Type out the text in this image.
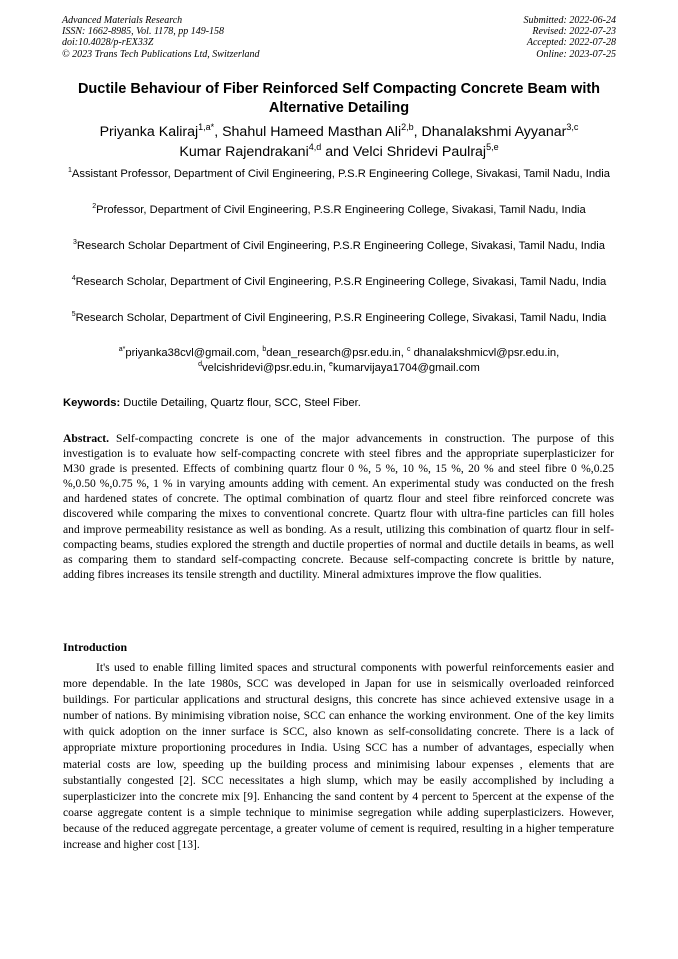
Advanced Materials Research
ISSN: 1662-8985, Vol. 1178, pp 149-158
doi:10.4028/p-rEX33Z
© 2023 Trans Tech Publications Ltd, Switzerland
Submitted: 2022-06-24
Revised: 2022-07-23
Accepted: 2022-07-28
Online: 2023-07-25
Ductile Behaviour of Fiber Reinforced Self Compacting Concrete Beam with Alternative Detailing
Priyanka Kaliraj$^{1,a*}$, Shahul Hameed Masthan Ali$^{2,b}$, Dhanalakshmi Ayyanar$^{3,c}$
Kumar Rajendrakani$^{4,d}$ and Velci Shridevi Paulraj$^{5,e}$
$^1$Assistant Professor, Department of Civil Engineering, P.S.R Engineering College, Sivakasi, Tamil Nadu, India
$^2$Professor, Department of Civil Engineering, P.S.R Engineering College, Sivakasi, Tamil Nadu, India
$^3$Research Scholar Department of Civil Engineering, P.S.R Engineering College, Sivakasi, Tamil Nadu, India
$^4$Research Scholar, Department of Civil Engineering, P.S.R Engineering College, Sivakasi, Tamil Nadu, India
$^5$Research Scholar, Department of Civil Engineering, P.S.R Engineering College, Sivakasi, Tamil Nadu, India
$^{a*}$priyanka38cvl@gmail.com, $^b$dean_research@psr.edu.in, $^c$ dhanalakshmicvl@psr.edu.in,
$^d$velcishridevi@psr.edu.in, $^e$kumarvijaya1704@gmail.com
Keywords: Ductile Detailing, Quartz flour, SCC, Steel Fiber.
Abstract. Self-compacting concrete is one of the major advancements in construction. The purpose of this investigation is to evaluate how self-compacting concrete with steel fibres and the appropriate superplasticizer for M30 grade is presented. Effects of combining quartz flour 0 %, 5 %, 10 %, 15 %, 20 % and steel fibre 0 %,0.25 %,0.50 %,0.75 %, 1 % in varying amounts adding with cement. An experimental study was conducted on the fresh and hardened states of concrete. The optimal combination of quartz flour and steel fibre reinforced concrete was discovered while comparing the mixes to conventional concrete. Quartz flour with ultra-fine particles can fill holes and improve permeability resistance as well as bonding. As a result, utilizing this combination of quartz flour in self-compacting beams, studies explored the strength and ductile properties of normal and ductile details in beams, as well as comparing them to standard self-compacting concrete. Because self-compacting concrete is brittle by nature, adding fibres increases its tensile strength and ductility. Mineral admixtures improve the flow qualities.
Introduction
It's used to enable filling limited spaces and structural components with powerful reinforcements easier and more dependable. In the late 1980s, SCC was developed in Japan for use in seismically overloaded reinforced buildings. For particular applications and structural designs, this concrete has since achieved extensive usage in a number of nations. By minimising vibration noise, SCC can enhance the working environment. One of the key limits with quick adoption on the inner surface is SCC, also known as self-consolidating concrete. There is a lack of appropriate mixture proportioning procedures in India. Using SCC has a number of advantages, especially when material costs are low, speeding up the building process and minimising labour expenses , elements that are substantially congested [2]. SCC necessitates a high slump, which may be easily accomplished by including a superplasticizer into the concrete mix [9]. Enhancing the sand content by 4 percent to 5percent at the expense of the coarse aggregate content is a simple technique to minimise segregation while adding superplasticizers. However, because of the reduced aggregate percentage, a greater volume of cement is required, resulting in a higher temperature increase and higher cost [13].
